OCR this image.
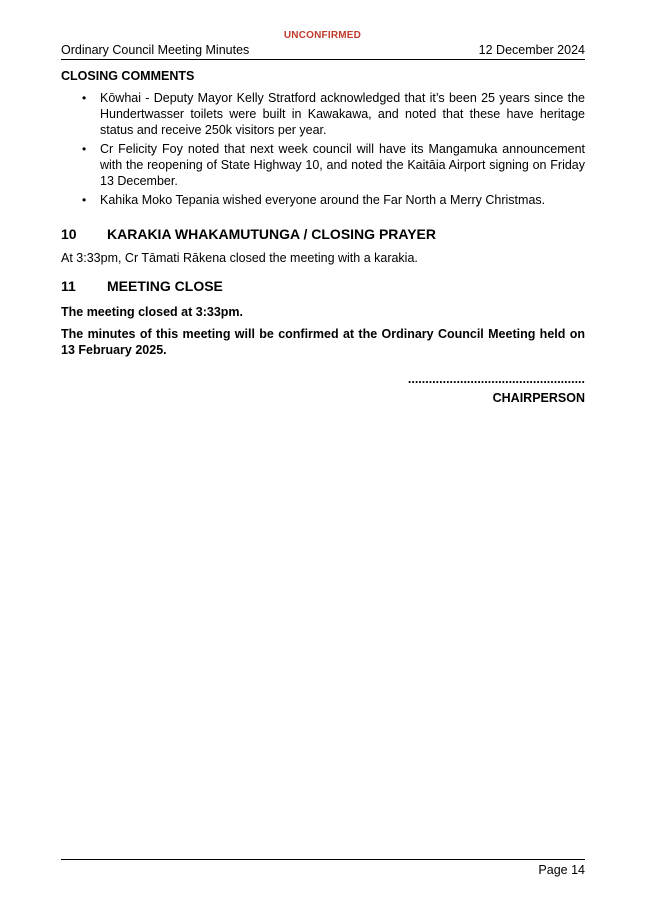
UNCONFIRMED
Ordinary Council Meeting Minutes	12 December 2024

CLOSING COMMENTS

• Kōwhai - Deputy Mayor Kelly Stratford acknowledged that it’s been 25 years since the Hundertwasser toilets were built in Kawakawa, and noted that these have heritage status and receive 250k visitors per year.
• Cr Felicity Foy noted that next week council will have its Mangamuka announcement with the reopening of State Highway 10, and noted the Kaitāia Airport signing on Friday 13 December.
• Kahika Moko Tepania wished everyone around the Far North a Merry Christmas.
10 KARAKIA WHAKAMUTUNGA / CLOSING PRAYER

At 3:33pm, Cr Tāmati Rākena closed the meeting with a karakia.

11 MEETING CLOSE

The meeting closed at 3:33pm.

The minutes of this meeting will be confirmed at the Ordinary Council Meeting held on 13 February 2025.

...................................................
CHAIRPERSON
Page 14
